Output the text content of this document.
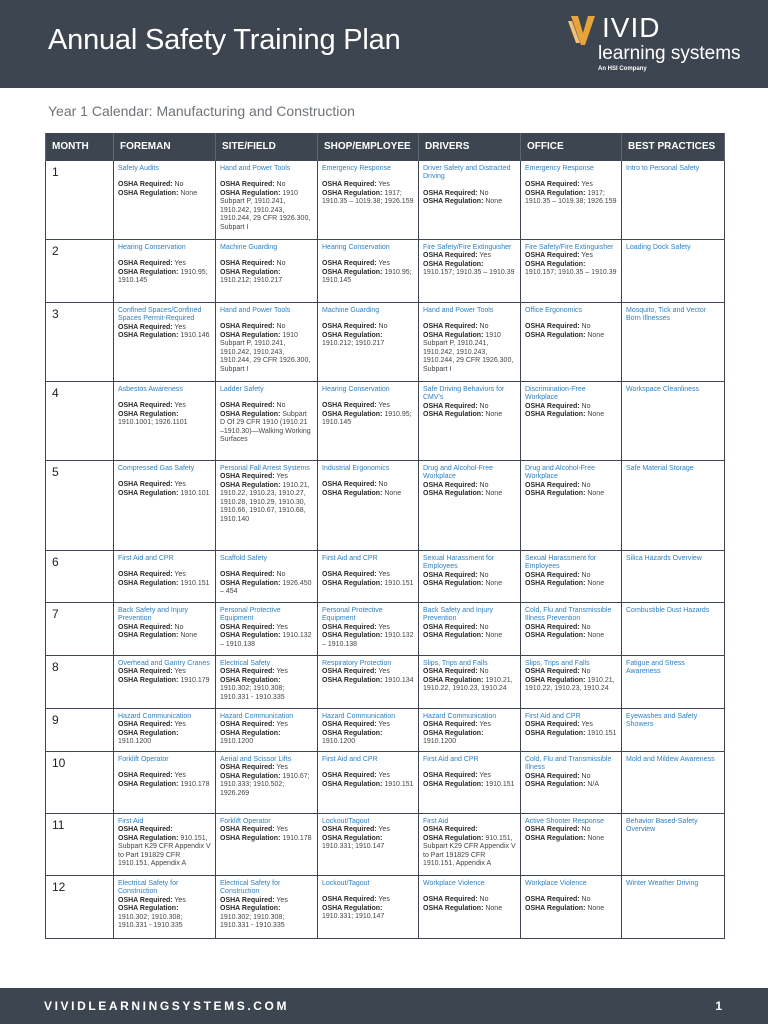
Annual Safety Training Plan	IVID
learning systems
An HSI Company
Year 1 Calendar: Manufacturing and Construction
MONTH	FOREMAN	SITE/FIELD	SHOP/EMPLOYEE	DRIVERS	OFFICE	BEST PRACTICES
1	Safety Audits
OSHA Required: No
OSHA Regulation: None	Hand and Power Tools
OSHA Required: No
OSHA Regulation: 1910 Subpart P, 1910.241, 1910.242, 1910.243, 1910.244, 29 CFR 1926.300, Subpart I	Emergency Response
OSHA Required: Yes
OSHA Regulation: 1917; 1910.35 – 1019.38; 1926.159	Driver Safety and Distracted Driving
OSHA Required: No
OSHA Regulation: None	Emergency Response
OSHA Required: Yes
OSHA Regulation: 1917; 1910.35 – 1019.38; 1926.159	Intro to Personal Safety

2	Hearing Conservation
OSHA Required: Yes
OSHA Regulation: 1910.95; 1910.145	Machine Guarding
OSHA Required: No
OSHA Regulation: 1910.212; 1910.217	Hearing Conservation
OSHA Required: Yes
OSHA Regulation: 1910.95; 1910.145	Fire Safety/Fire Extinguisher
OSHA Required: Yes
OSHA Regulation: 1910.157; 1910.35 – 1910.39	Fire Safety/Fire Extinguisher
OSHA Required: Yes
OSHA Regulation: 1910.157; 1910.35 – 1910.39	Loading Dock Safety

3	Confined Spaces/Confined Spaces Permit-Required
OSHA Required: Yes
OSHA Regulation: 1910.146	Hand and Power Tools
OSHA Required: No
OSHA Regulation: 1910 Subpart P, 1910.241, 1910.242, 1910.243, 1910.244, 29 CFR 1926.300, Subpart I	Machine Guarding
OSHA Required: No
OSHA Regulation: 1910.212; 1910.217	Hand and Power Tools
OSHA Required: No
OSHA Regulation: 1910 Subpart P, 1910.241, 1910.242, 1910.243, 1910.244, 29 CFR 1926.300, Subpart I	Office Ergonomics
OSHA Required: No
OSHA Regulation: None	Mosquito, Tick and Vector Born Illnesses

4	Asbestos Awareness
OSHA Required: Yes
OSHA Regulation: 1910.1001; 1926.1101	Ladder Safety
OSHA Required: No
OSHA Regulation: Subpart D Of 29 CFR 1910 (1910.21 –1910.30)—Walking Working Surfaces	Hearing Conservation
OSHA Required: Yes
OSHA Regulation: 1910.95; 1910.145	Safe Driving Behaviors for CMV's
OSHA Required: No
OSHA Regulation: None	Discrimination-Free Workplace
OSHA Required: No
OSHA Regulation: None	Workspace Cleanliness

5	Compressed Gas Safety
OSHA Required: Yes
OSHA Regulation: 1910.101	Personal Fall Arrest Systems
OSHA Required: Yes
OSHA Regulation: 1910.21, 1910.22, 1910.23, 1910.27, 1910.28, 1910.29, 1910.30, 1910.66, 1910.67, 1910.68, 1910.140	Industrial Ergonomics
OSHA Required: No
OSHA Regulation: None	Drug and Alcohol-Free Workplace
OSHA Required: No
OSHA Regulation: None	Drug and Alcohol-Free Workplace
OSHA Required: No
OSHA Regulation: None	Safe Material Storage

6	First Aid and CPR
OSHA Required: Yes
OSHA Regulation: 1910.151	Scaffold Safety
OSHA Required: No
OSHA Regulation: 1926.450 – 454	First Aid and CPR
OSHA Required: Yes
OSHA Regulation: 1910.151	Sexual Harassment for Employees
OSHA Required: No
OSHA Regulation: None	Sexual Harassment for Employees
OSHA Required: No
OSHA Regulation: None	Silica Hazards Overview

7	Back Safety and Injury Prevention
OSHA Required: No
OSHA Regulation: None	Personal Protective Equipment
OSHA Required: Yes
OSHA Regulation: 1910.132 – 1910.138	Personal Protective Equipment
OSHA Required: Yes
OSHA Regulation: 1910.132 – 1910.138	Back Safety and Injury Prevention
OSHA Required: No
OSHA Regulation: None	Cold, Flu and Transmissible Illness Prevention
OSHA Required: No
OSHA Regulation: None	Combustible Dust Hazards

8	Overhead and Gantry Cranes
OSHA Required: Yes
OSHA Regulation: 1910.179	Electrical Safety
OSHA Required: Yes
OSHA Regulation: 1910.302; 1910.308; 1910.331 - 1910.335	Respiratory Protection
OSHA Required: Yes
OSHA Regulation: 1910.134	Slips, Trips and Falls
OSHA Required: No
OSHA Regulation: 1910.21, 1910.22, 1910.23, 1910.24	Slips, Trips and Falls
OSHA Required: No
OSHA Regulation: 1910.21, 1910.22, 1910.23, 1910.24	Fatigue and Stress Awareness

9	Hazard Communication
OSHA Required: Yes
OSHA Regulation: 1910.1200	Hazard Communication
OSHA Required: Yes
OSHA Regulation: 1910.1200	Hazard Communication
OSHA Required: Yes
OSHA Regulation: 1910.1200	Hazard Communication
OSHA Required: Yes
OSHA Regulation: 1910.1200	First Aid and CPR
OSHA Required: Yes
OSHA Regulation: 1910.151	Eyewashes and Safety Showers

10	Forklift Operator
OSHA Required: Yes
OSHA Regulation: 1910.178	Aerial and Scissor Lifts
OSHA Required: Yes
OSHA Regulation: 1910.67; 1910.333; 1910.502; 1926.269	First Aid and CPR
OSHA Required: Yes
OSHA Regulation: 1910.151	First Aid and CPR
OSHA Required: Yes
OSHA Regulation: 1910.151	Cold, Flu and Transmissible Illness
OSHA Required: No
OSHA Regulation: N/A	Mold and Mildew Awareness

11	First Aid
OSHA Required:
OSHA Regulation: 910.151, Subpart K29 CFR Appendix V to Part 191829 CFR 1910.151, Appendix A	Forklift Operator
OSHA Required: Yes
OSHA Regulation: 1910.178	Lockout/Tagout
OSHA Required: Yes
OSHA Regulation: 1910.331; 1910.147	First Aid
OSHA Required:
OSHA Regulation: 910.151, Subpart K29 CFR Appendix V to Part 191829 CFR 1910.151, Appendix A	Active Shooter Response
OSHA Required: No
OSHA Regulation: None	Behavior Based-Safety Overview

12	Electrical Safety for Construction
OSHA Required: Yes
OSHA Regulation: 1910.302; 1910.308; 1910.331 - 1910.335	Electrical Safety for Construction
OSHA Required: Yes
OSHA Regulation: 1910.302; 1910.308; 1910.331 - 1910.335	Lockout/Tagout
OSHA Required: Yes
OSHA Regulation: 1910.331; 1910.147	Workplace Violence
OSHA Required: No
OSHA Regulation: None	Workplace Violence
OSHA Required: No
OSHA Regulation: None	Winter Weather Driving
VIVIDLEARNINGSYSTEMS.COM	1
